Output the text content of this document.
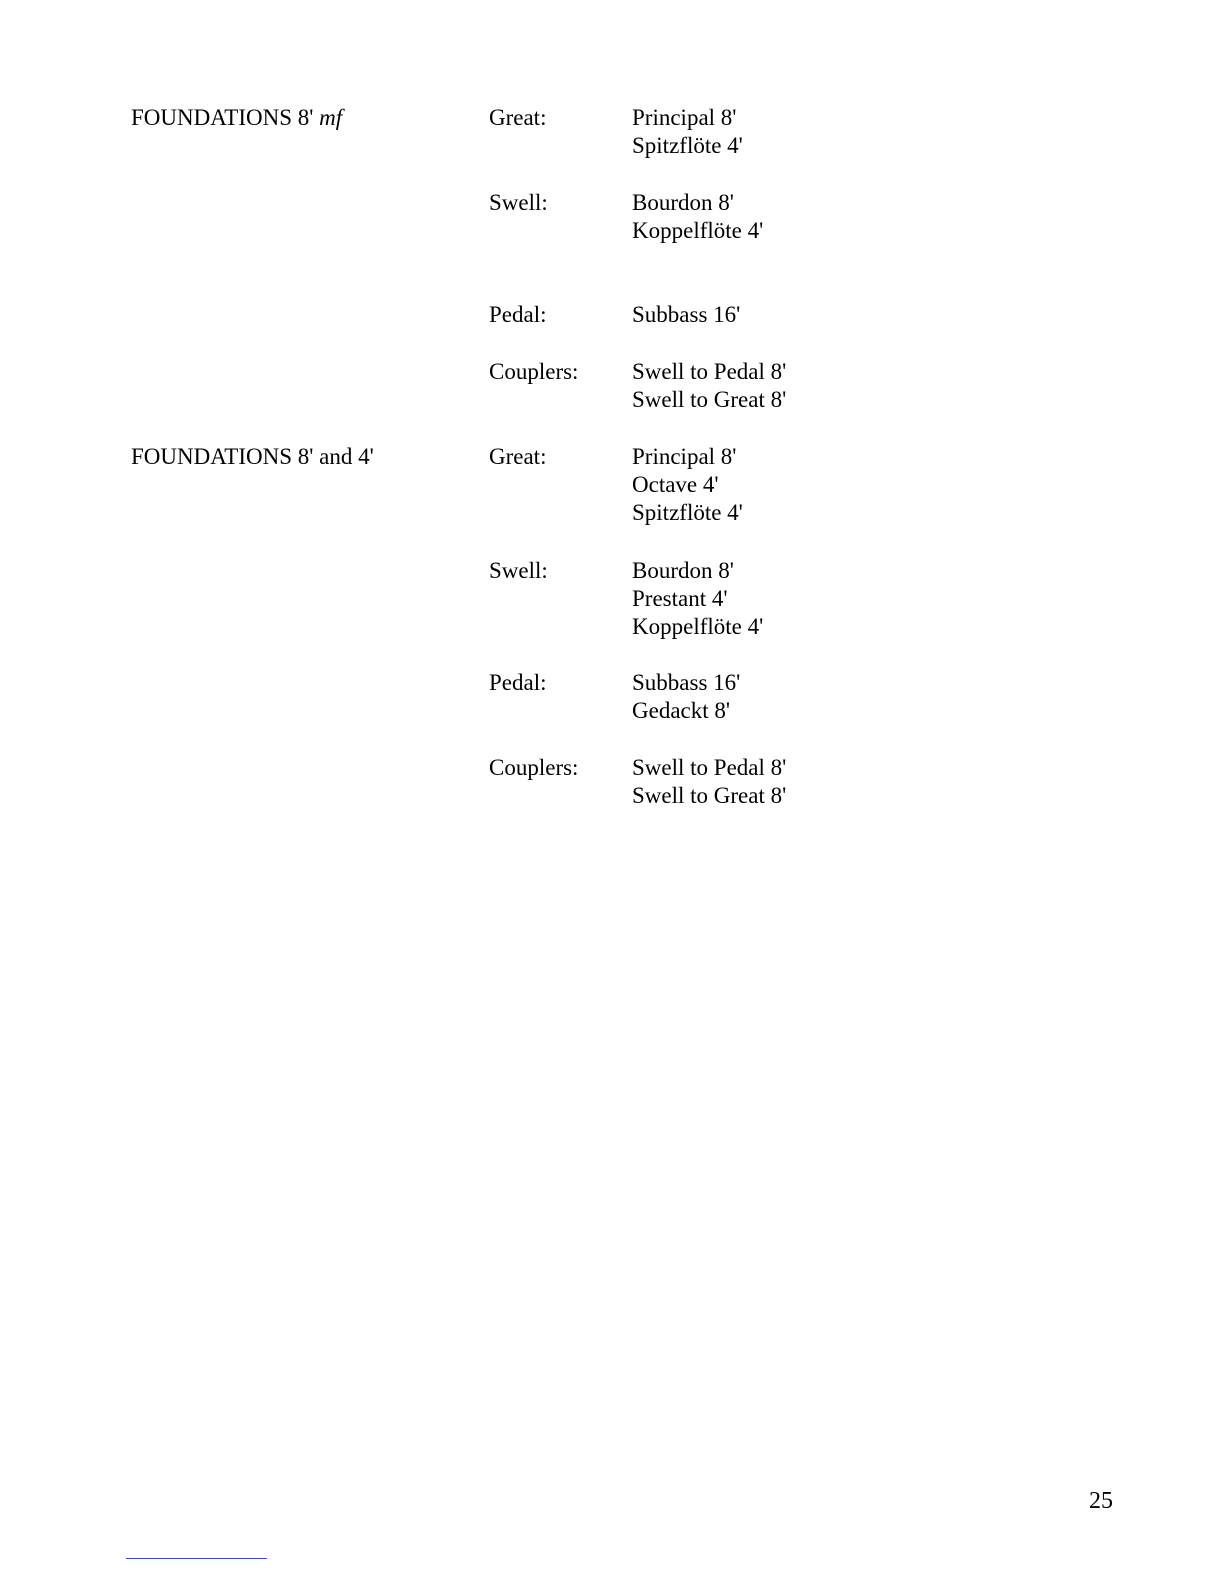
FOUNDATIONS 8' mf	Great:	Principal 8'
Spitzflöte 4'
Swell:	Bourdon 8'
Koppelflöte 4'
Pedal:	Subbass 16'
Couplers: Swell to Pedal 8'
Swell to Great 8'
FOUNDATIONS 8' and 4'	Great:	Principal 8'
Octave 4'
Spitzflöte 4'
Swell:	Bourdon 8'
Prestant 4'
Koppelflöte 4'
Pedal:	Subbass 16'
Gedackt 8'
Couplers: Swell to Pedal 8'
Swell to Great 8'
25
